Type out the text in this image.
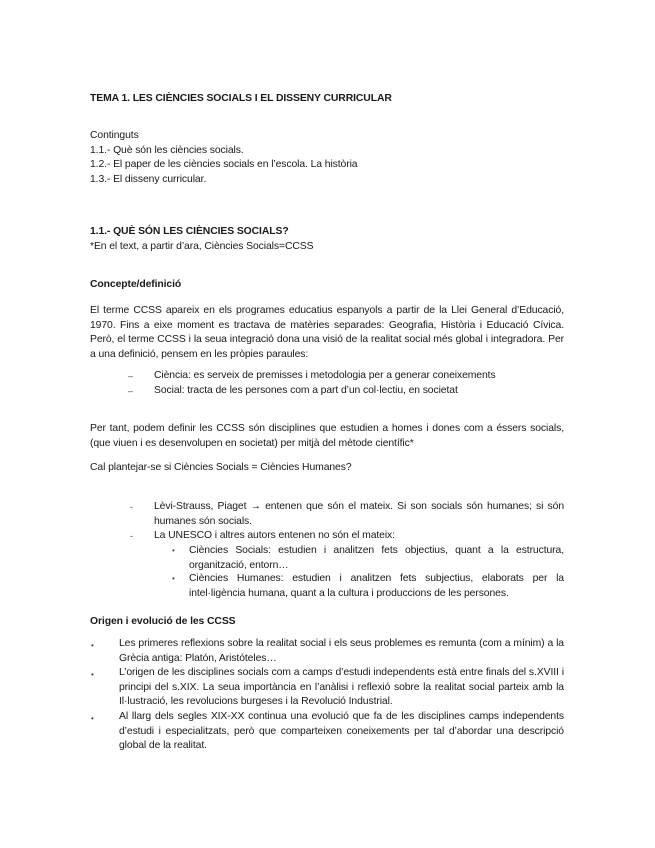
TEMA 1. LES CIÈNCIES SOCIALS I EL DISSENY CURRICULAR
Continguts
1.1.- Què són les ciències socials.
1.2.- El paper de les ciències socials en l’escola. La història
1.3.- El disseny curricular.
1.1.- QUÈ SÓN LES CIÈNCIES SOCIALS?
*En el text, a partir d’ara, Ciències Socials=CCSS
Concepte/definició
El terme CCSS apareix en els programes educatius espanyols a partir de la Llei General d’Educació, 1970. Fins a eixe moment es tractava de matèries separades: Geografia, Història i Educació Cívica. Però, el terme CCSS i la seua integració dona una visió de la realitat social més global i integradora. Per a una definició, pensem en les pròpies paraules:
– Ciència: es serveix de premisses i metodologia per a generar coneixements
– Social: tracta de les persones com a part d’un col·lectiu, en societat
Per tant, podem definir les CCSS són disciplines que estudien a homes i dones com a éssers socials, (que viuen i es desenvolupen en societat) per mitjà del mètode científic*
Cal plantejar-se si Ciències Socials = Ciències Humanes?
- Lèvi-Strauss, Piaget → entenen que són el mateix. Si son socials són humanes; si són humanes són socials.
- La UNESCO i altres autors entenen no són el mateix:
• Ciències Socials: estudien i analitzen fets objectius, quant a la estructura, organització, entorn…
• Ciències Humanes: estudien i analitzen fets subjectius, elaborats per la intel·ligència humana, quant a la cultura i produccions de les persones.
Origen i evolució de les CCSS
• Les primeres reflexions sobre la realitat social i els seus problemes es remunta (com a mínim) a la Grècia antiga: Platón, Aristóteles…
• L’origen de les disciplines socials com a camps d’estudi independents està entre finals del s.XVIII i principi del s.XIX. La seua importància en l’anàlisi i reflexió sobre la realitat social parteix amb la Il·lustració, les revolucions burgeses i la Revolució Industrial.
• Al llarg dels segles XIX-XX continua una evolució que fa de les disciplines camps independents d’estudi i especialitzats, però que comparteixen coneixements per tal d’abordar una descripció global de la realitat.
